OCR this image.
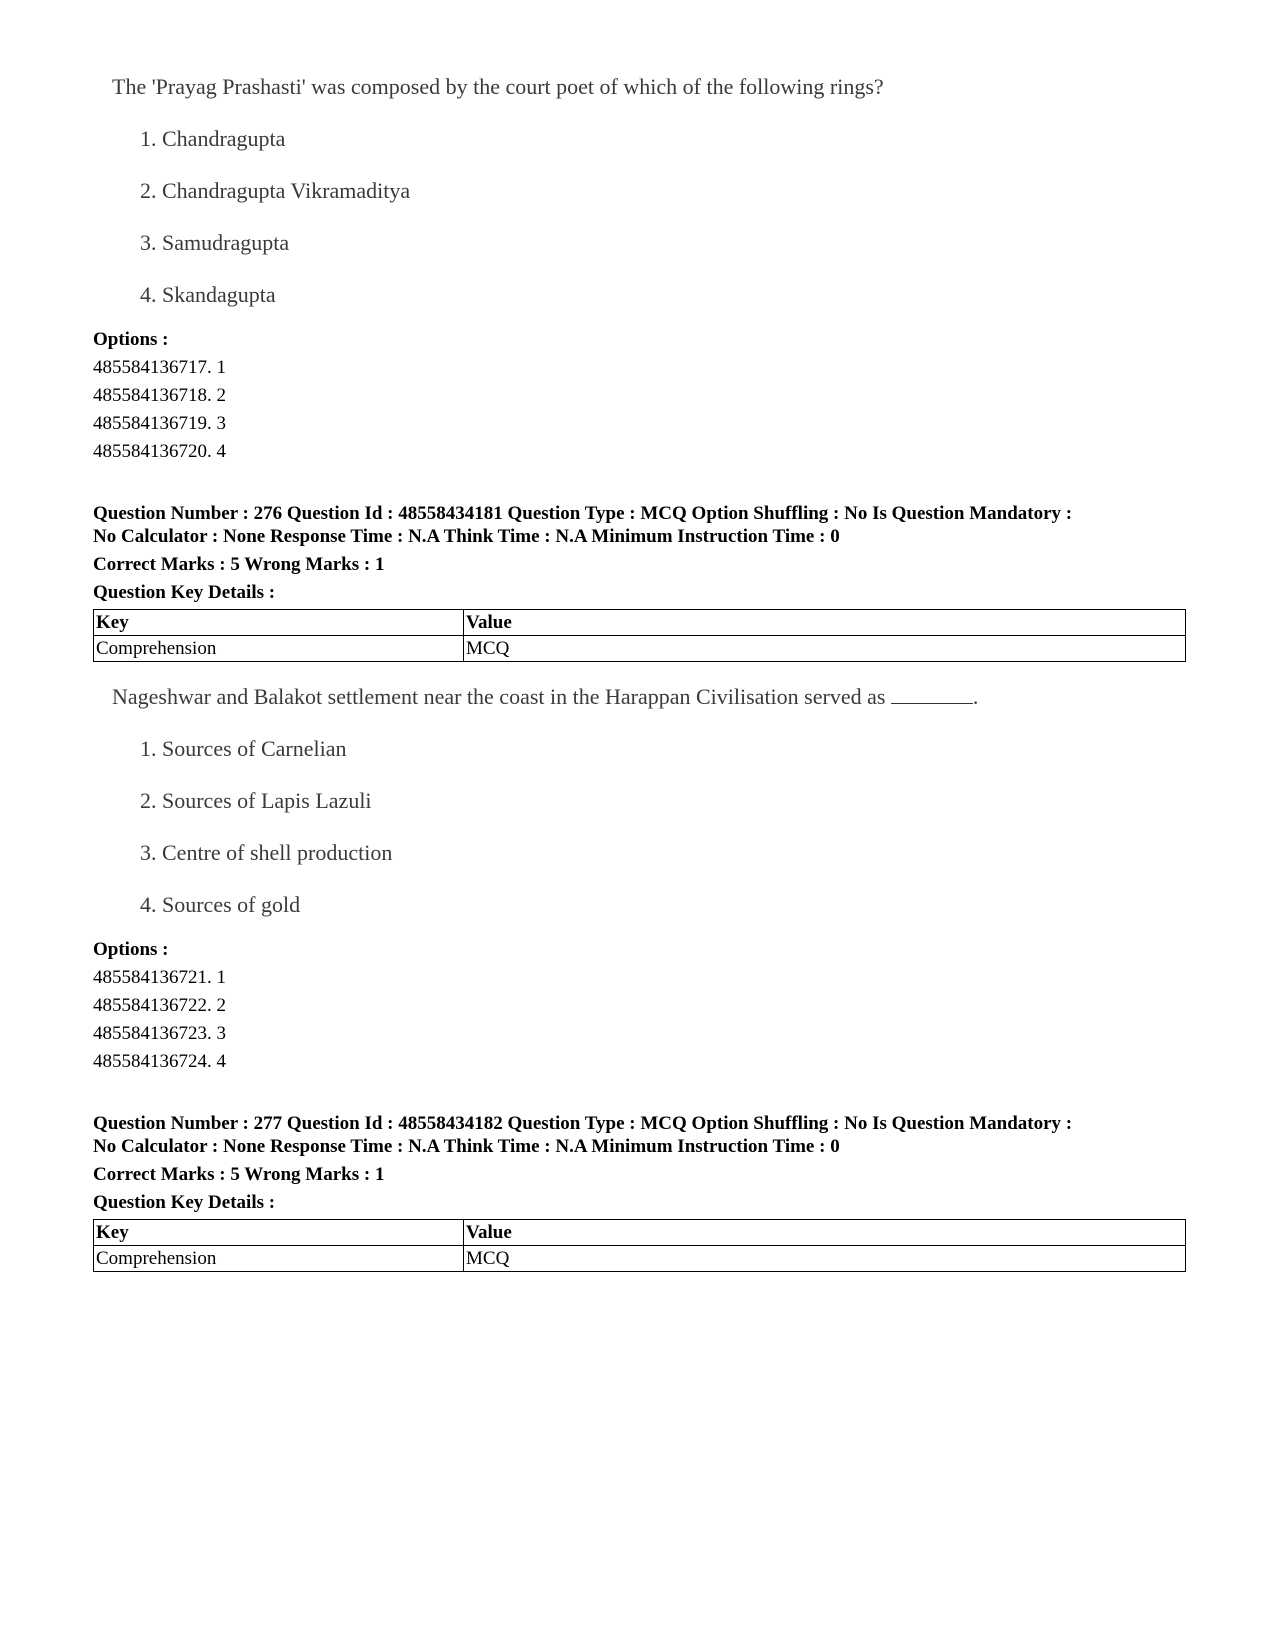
The 'Prayag Prashasti' was composed by the court poet of which of the following rings?
1. Chandragupta
2. Chandragupta Vikramaditya
3. Samudragupta
4. Skandagupta
Options :
485584136717. 1
485584136718. 2
485584136719. 3
485584136720. 4

Question Number : 276 Question Id : 48558434181 Question Type : MCQ Option Shuffling : No Is Question Mandatory :

No Calculator : None Response Time : N.A Think Time : N.A Minimum Instruction Time : 0

Correct Marks : 5 Wrong Marks : 1

Question Key Details :

Key	Value
Comprehension	MCQ
Nageshwar and Balakot settlement near the coast in the Harappan Civilisation served as	.
1. Sources of Carnelian
2. Sources of Lapis Lazuli
3. Centre of shell production
4. Sources of gold
Options :
485584136721. 1
485584136722. 2
485584136723. 3
485584136724. 4

Question Number : 277 Question Id : 48558434182 Question Type : MCQ Option Shuffling : No Is Question Mandatory :

No Calculator : None Response Time : N.A Think Time : N.A Minimum Instruction Time : 0

Correct Marks : 5 Wrong Marks : 1

Question Key Details :

Key	Value
Comprehension	MCQ
